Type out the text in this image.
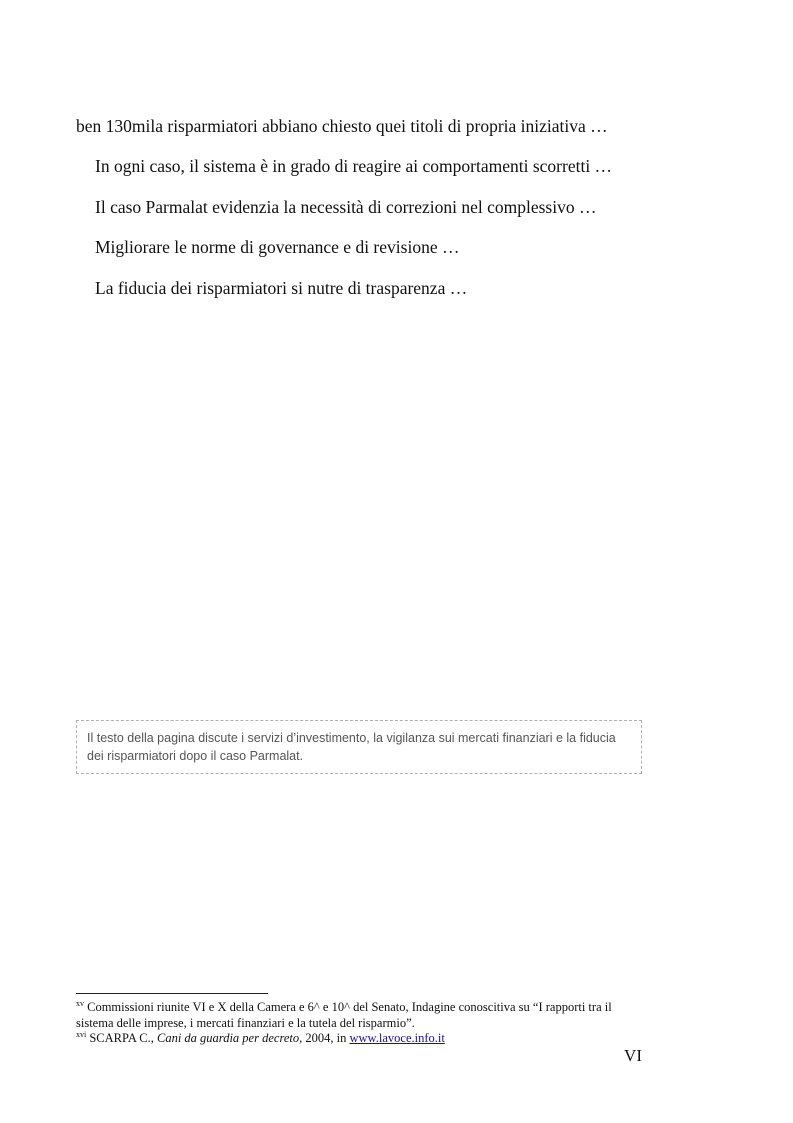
ben 130mila risparmiatori abbiano chiesto quei titoli di propria iniziativa …

In ogni caso, il sistema è in grado di reagire ai comportamenti scorretti …

Il caso Parmalat evidenzia la necessità di correzioni nel complessivo …

Migliorare le norme di governance e di revisione …

La fiducia dei risparmiatori si nutre di trasparenza …

Il testo della pagina discute i servizi d’investimento, la vigilanza sui mercati finanziari e la fiducia dei risparmiatori dopo il caso Parmalat.

$^{xv}$ Commissioni riunite VI e X della Camera e 6^ e 10^ del Senato, Indagine conoscitiva su “I rapporti tra il sistema delle imprese, i mercati finanziari e la tutela del risparmio”.

$^{xvi}$ SCARPA C., Cani da guardia per decreto, 2004, in www.lavoce.info.it

VI
